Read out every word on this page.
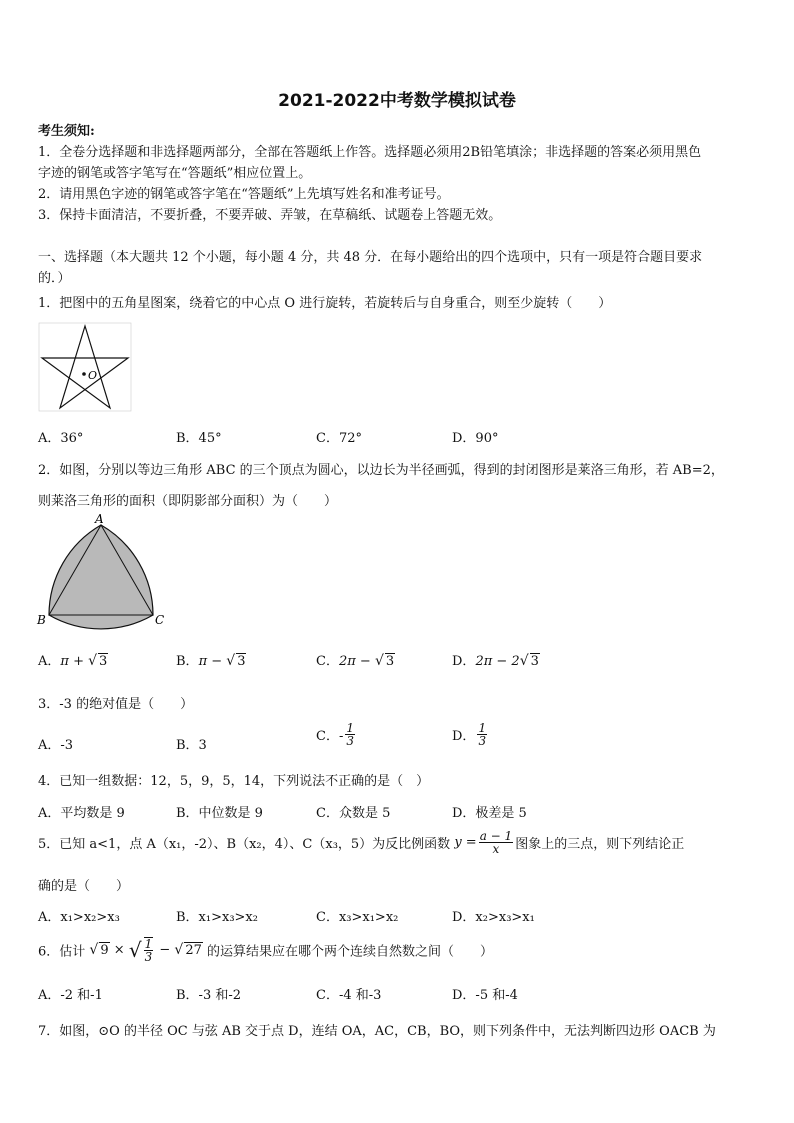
2021-2022中考数学模拟试卷
考生须知:
1．全卷分选择题和非选择题两部分，全部在答题纸上作答。选择题必须用2B铅笔填涂；非选择题的答案必须用黑色
字迹的钢笔或答字笔写在“答题纸”相应位置上。
2．请用黑色字迹的钢笔或答字笔在“答题纸”上先填写姓名和准考证号。
3．保持卡面清洁，不要折叠，不要弄破、弄皱，在草稿纸、试题卷上答题无效。
一、选择题（本大题共 12 个小题，每小题 4 分，共 48 分．在每小题给出的四个选项中，只有一项是符合题目要求
的．）
1．把图中的五角星图案，绕着它的中心点 O 进行旋转，若旋转后与自身重合，则至少旋转（　　）
O
A．36°	B．45°	C．72°	D．90°
2．如图，分别以等边三角形 ABC 的三个顶点为圆心，以边长为半径画弧，得到的封闭图形是莱洛三角形，若 AB=2，
则莱洛三角形的面积（即阴影部分面积）为（　　）
A
B	C
A．π + √ 3	B．π − √ 3	C．2π − √ 3	D．2π − 2√ 3
3．-3 的绝对值是（　　）
A．-3	B．3
C．- $\frac{1}{3}$	D． $\frac{1}{3}$
4．已知一组数据：12，5，9，5，14，下列说法不正确的是（　）
A．平均数是 9	B．中位数是 9	C．众数是 5	D．极差是 5
5．已知 a<1，点 A（x₁，-2）、B（x₂，4）、C（x₃，5）为反比例函数 $y = \frac{a - 1}{x}$ 图象上的三点，则下列结论正
确的是（　　）
A．x₁>x₂>x₃	B．x₁>x₃>x₂	C．x₃>x₁>x₂	D．x₂>x₃>x₁
6．估计 √ 9 × √ $\frac{1}{3}$ − √ 27 的运算结果应在哪个两个连续自然数之间（　　）
A．-2 和-1	B．-3 和-2	C．-4 和-3	D．-5 和-4
7．如图，⊙O 的半径 OC 与弦 AB 交于点 D，连结 OA，AC，CB，BO，则下列条件中，无法判断四边形 OACB 为
